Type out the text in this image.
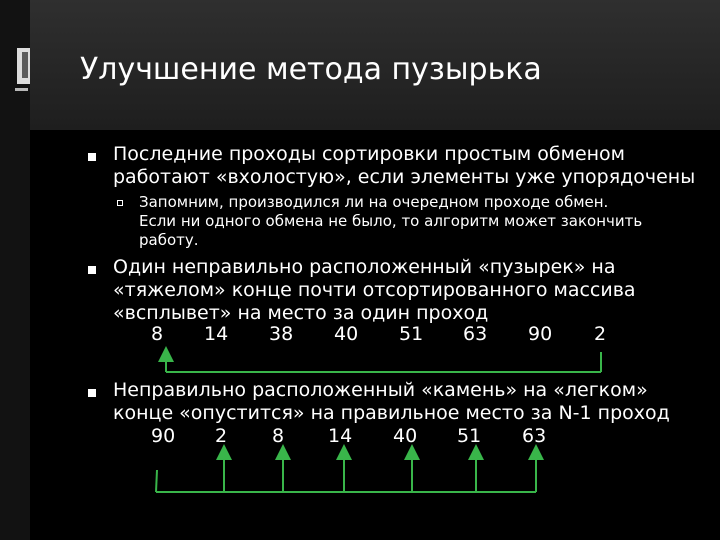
Улучшение метода пузырька
Последние проходы сортировки простым обменом
работают «вхолостую», если элементы уже упорядочены
Запомним, производился ли на очередном проходе обмен.
Если ни одного обмена не было, то алгоритм может закончить
работу.
Один неправильно расположенный «пузырек» на
«тяжелом» конце почти отсортированного массива
«всплывет» на место за один проход
8 14 38 40 51 63 90 2
Неправильно расположенный «камень» на «легком»
конце «опустится» на правильное место за N-1 проход
90 2 8 14 40 51 63
